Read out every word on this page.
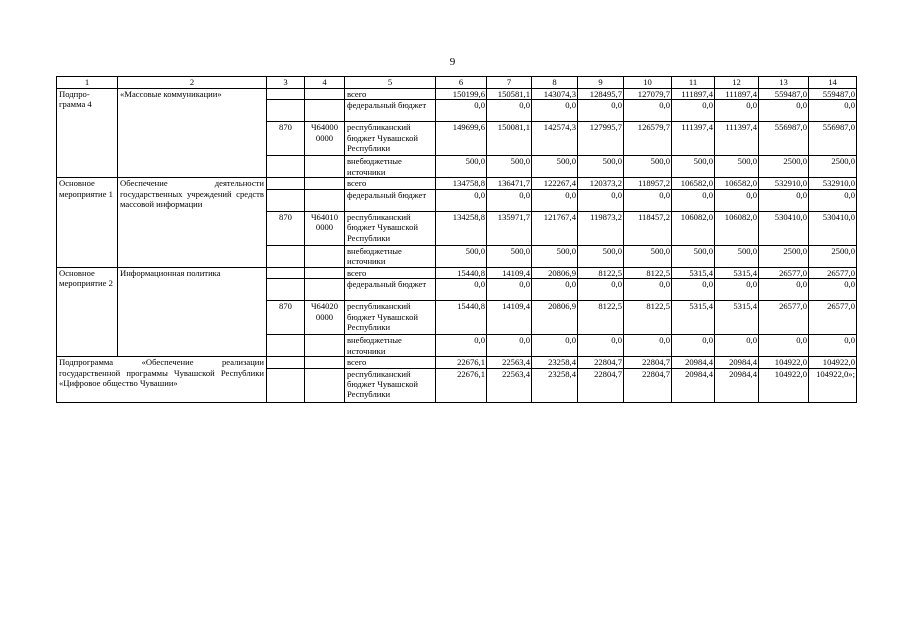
9
1	2	3	4	5	6	7	8	9	10	11	12	13	14
Подпро-грамма 4	«Массовые коммуникации»			всего	150199,6	150581,1	143074,3	128495,7	127079,7	111897,4	111897,4	559487,0	559487,0
				федеральный бюджет	0,0	0,0	0,0	0,0	0,0	0,0	0,0	0,0	0,0
		870	Ч64000 0000	республиканский бюджет Чувашской Республики	149699,6	150081,1	142574,3	127995,7	126579,7	111397,4	111397,4	556987,0	556987,0
				внебюджетные источники	500,0	500,0	500,0	500,0	500,0	500,0	500,0	2500,0	2500,0
Основное мероприятие 1	Обеспечение деятельности государственных учреждений средств массовой информации			всего	134758,8	136471,7	122267,4	120373,2	118957,2	106582,0	106582,0	532910,0	532910,0
				федеральный бюджет	0,0	0,0	0,0	0,0	0,0	0,0	0,0	0,0	0,0
		870	Ч64010 0000	республиканский бюджет Чувашской Республики	134258,8	135971,7	121767,4	119873,2	118457,2	106082,0	106082,0	530410,0	530410,0
				внебюджетные источники	500,0	500,0	500,0	500,0	500,0	500,0	500,0	2500,0	2500,0
Основное мероприятие 2	Информационная политика			всего	15440,8	14109,4	20806,9	8122,5	8122,5	5315,4	5315,4	26577,0	26577,0
				федеральный бюджет	0,0	0,0	0,0	0,0	0,0	0,0	0,0	0,0	0,0
		870	Ч64020 0000	республиканский бюджет Чувашской Республики	15440,8	14109,4	20806,9	8122,5	8122,5	5315,4	5315,4	26577,0	26577,0
				внебюджетные источники	0,0	0,0	0,0	0,0	0,0	0,0	0,0	0,0	0,0
Подпрограмма «Обеспечение реализации государственной программы Чувашской Республики «Цифровое общество Чувашии»				всего	22676,1	22563,4	23258,4	22804,7	22804,7	20984,4	20984,4	104922,0	104922,0
				республиканский бюджет Чувашской Республики	22676,1	22563,4	23258,4	22804,7	22804,7	20984,4	20984,4	104922,0	104922,0»;
